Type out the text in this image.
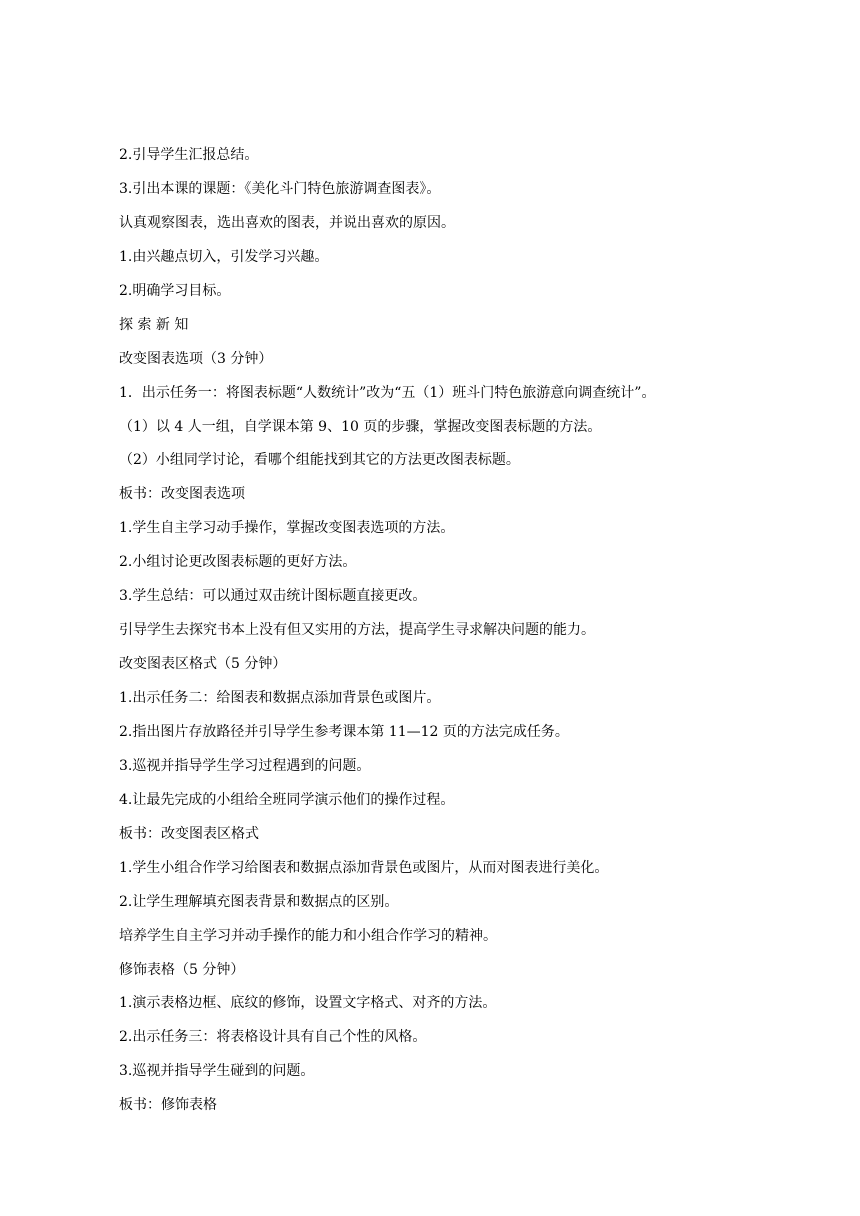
2.引导学生汇报总结。
3.引出本课的课题：《美化斗门特色旅游调查图表》。
认真观察图表，选出喜欢的图表，并说出喜欢的原因。
1.由兴趣点切入，引发学习兴趣。
2.明确学习目标。
探 索 新 知
改变图表选项（3 分钟）
1．出示任务一：将图表标题“人数统计”改为“五（1）班斗门特色旅游意向调查统计”。
（1）以 4 人一组，自学课本第 9、10 页的步骤，掌握改变图表标题的方法。
（2）小组同学讨论，看哪个组能找到其它的方法更改图表标题。
板书：改变图表选项
1.学生自主学习动手操作，掌握改变图表选项的方法。
2.小组讨论更改图表标题的更好方法。
3.学生总结：可以通过双击统计图标题直接更改。
引导学生去探究书本上没有但又实用的方法，提高学生寻求解决问题的能力。
改变图表区格式（5 分钟）
1.出示任务二：给图表和数据点添加背景色或图片。
2.指出图片存放路径并引导学生参考课本第 11—12 页的方法完成任务。
3.巡视并指导学生学习过程遇到的问题。
4.让最先完成的小组给全班同学演示他们的操作过程。
板书：改变图表区格式
1.学生小组合作学习给图表和数据点添加背景色或图片，从而对图表进行美化。
2.让学生理解填充图表背景和数据点的区别。
培养学生自主学习并动手操作的能力和小组合作学习的精神。
修饰表格（5 分钟）
1.演示表格边框、底纹的修饰，设置文字格式、对齐的方法。
2.出示任务三：将表格设计具有自己个性的风格。
3.巡视并指导学生碰到的问题。
板书：修饰表格
